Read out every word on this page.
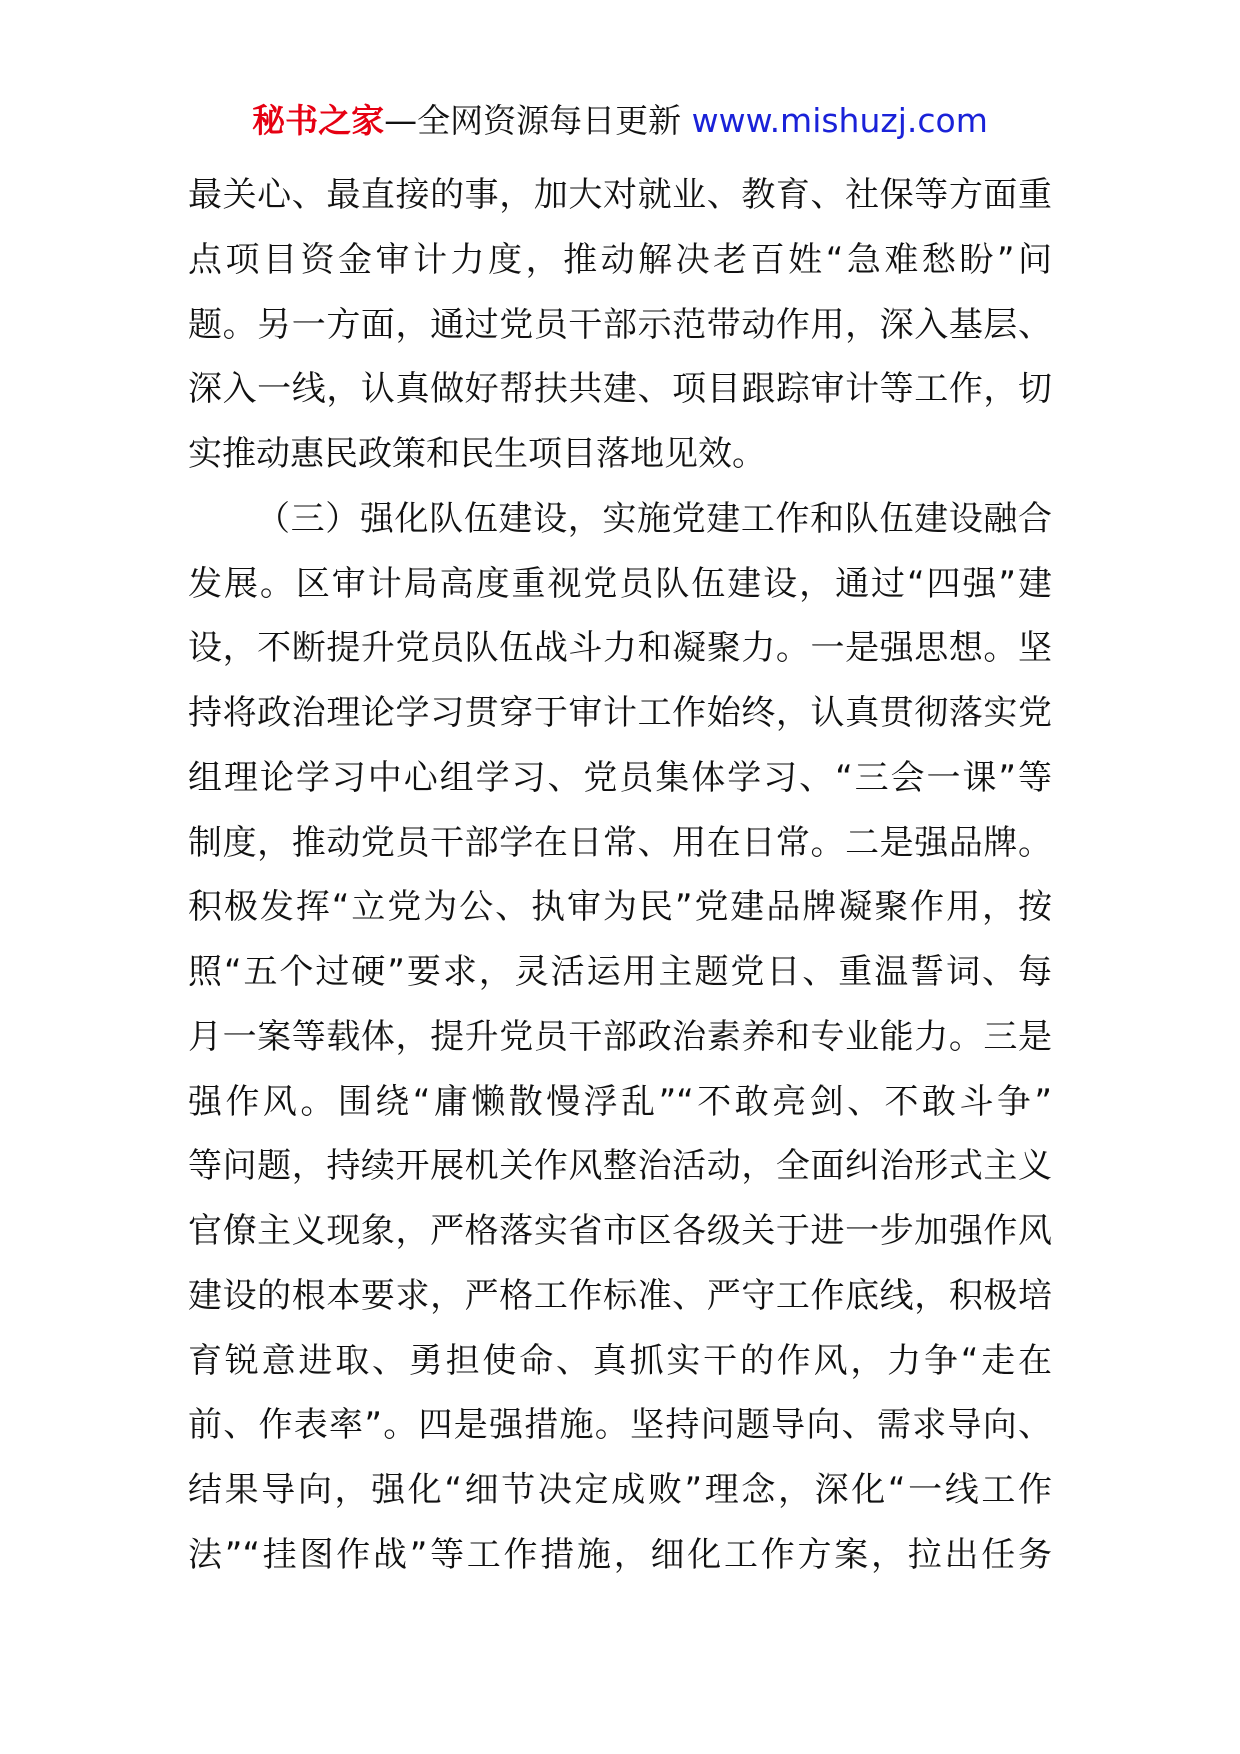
秘书之家—全网资源每日更新 www.mishuzj.com
最关心、最直接的事，加大对就业、教育、社保等方面重
点项目资金审计力度，推动解决老百姓“急难愁盼”问
题。另一方面，通过党员干部示范带动作用，深入基层、
深入一线，认真做好帮扶共建、项目跟踪审计等工作，切
实推动惠民政策和民生项目落地见效。
（三）强化队伍建设，实施党建工作和队伍建设融合
发展。区审计局高度重视党员队伍建设，通过“四强”建
设，不断提升党员队伍战斗力和凝聚力。一是强思想。坚
持将政治理论学习贯穿于审计工作始终，认真贯彻落实党
组理论学习中心组学习、党员集体学习、“三会一课”等
制度，推动党员干部学在日常、用在日常。二是强品牌。
积极发挥“立党为公、执审为民”党建品牌凝聚作用，按
照“五个过硬”要求，灵活运用主题党日、重温誓词、每
月一案等载体，提升党员干部政治素养和专业能力。三是
强作风。围绕“庸懒散慢浮乱”“不敢亮剑、不敢斗争”
等问题，持续开展机关作风整治活动，全面纠治形式主义
官僚主义现象，严格落实省市区各级关于进一步加强作风
建设的根本要求，严格工作标准、严守工作底线，积极培
育锐意进取、勇担使命、真抓实干的作风，力争“走在
前、作表率”。四是强措施。坚持问题导向、需求导向、
结果导向，强化“细节决定成败”理念，深化“一线工作
法”“挂图作战”等工作措施，细化工作方案，拉出任务
